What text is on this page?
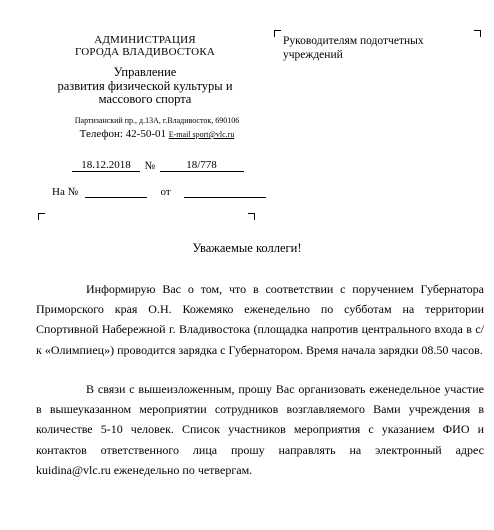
АДМИНИСТРАЦИЯ
ГОРОДА ВЛАДИВОСТОКА
Управление
развития физической культуры и
массового спорта
Партизанский пр., д.13А, г.Владивосток, 690106
Телефон: 42-50-01 E-mail sport@vlc.ru
Руководителям подотчетных учреждений
18.12.2018 №	18/778
На №	от
Уважаемые коллеги!

Информирую Вас о том, что в соответствии с поручением Губернатора Приморского края О.Н. Кожемяко еженедельно по субботам на территории Спортивной Набережной г. Владивостока (площадка напротив центрального входа в с/к «Олимпиец») проводится зарядка с Губернатором. Время начала зарядки 08.50 часов.

В связи с вышеизложенным, прошу Вас организовать еженедельное участие в вышеуказанном мероприятии сотрудников возглавляемого Вами учреждения в количестве 5-10 человек. Список участников мероприятия с указанием ФИО и контактов ответственного лица прошу направлять на электронный адрес kuidina@vlc.ru еженедельно по четвергам.
